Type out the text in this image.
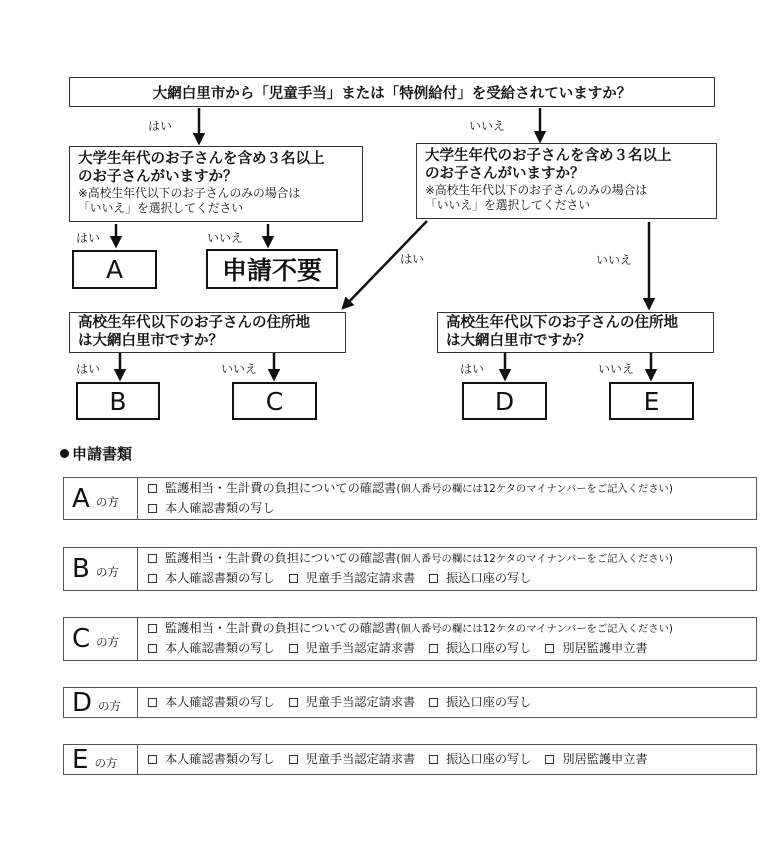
大網白里市から「児童手当」または「特例給付」を受給されていますか？
はい	いいえ
大学生年代のお子さんを含め３名以上
のお子さんがいますか？
※高校生年代以下のお子さんのみの場合は
「いいえ」を選択してください
大学生年代のお子さんを含め３名以上
のお子さんがいますか？
※高校生年代以下のお子さんのみの場合は
「いいえ」を選択してください
はい	いいえ
はい	いいえ
A	申請不要
高校生年代以下のお子さんの住所地
は大網白里市ですか？
高校生年代以下のお子さんの住所地
は大網白里市ですか？
はい	いいえ	はい	いいえ
B	C	D	E
申請書類
A の方
監護相当・生計費の負担についての確認書(個人番号の欄には12ケタのマイナンバーをご記入ください)
本人確認書類の写し
B の方
監護相当・生計費の負担についての確認書(個人番号の欄には12ケタのマイナンバーをご記入ください)
本人確認書類の写し	児童手当認定請求書	振込口座の写し
C の方
監護相当・生計費の負担についての確認書(個人番号の欄には12ケタのマイナンバーをご記入ください)
本人確認書類の写し	児童手当認定請求書	振込口座の写し	別居監護申立書
D の方	本人確認書類の写し	児童手当認定請求書	振込口座の写し
E の方	本人確認書類の写し	児童手当認定請求書	振込口座の写し	別居監護申立書
